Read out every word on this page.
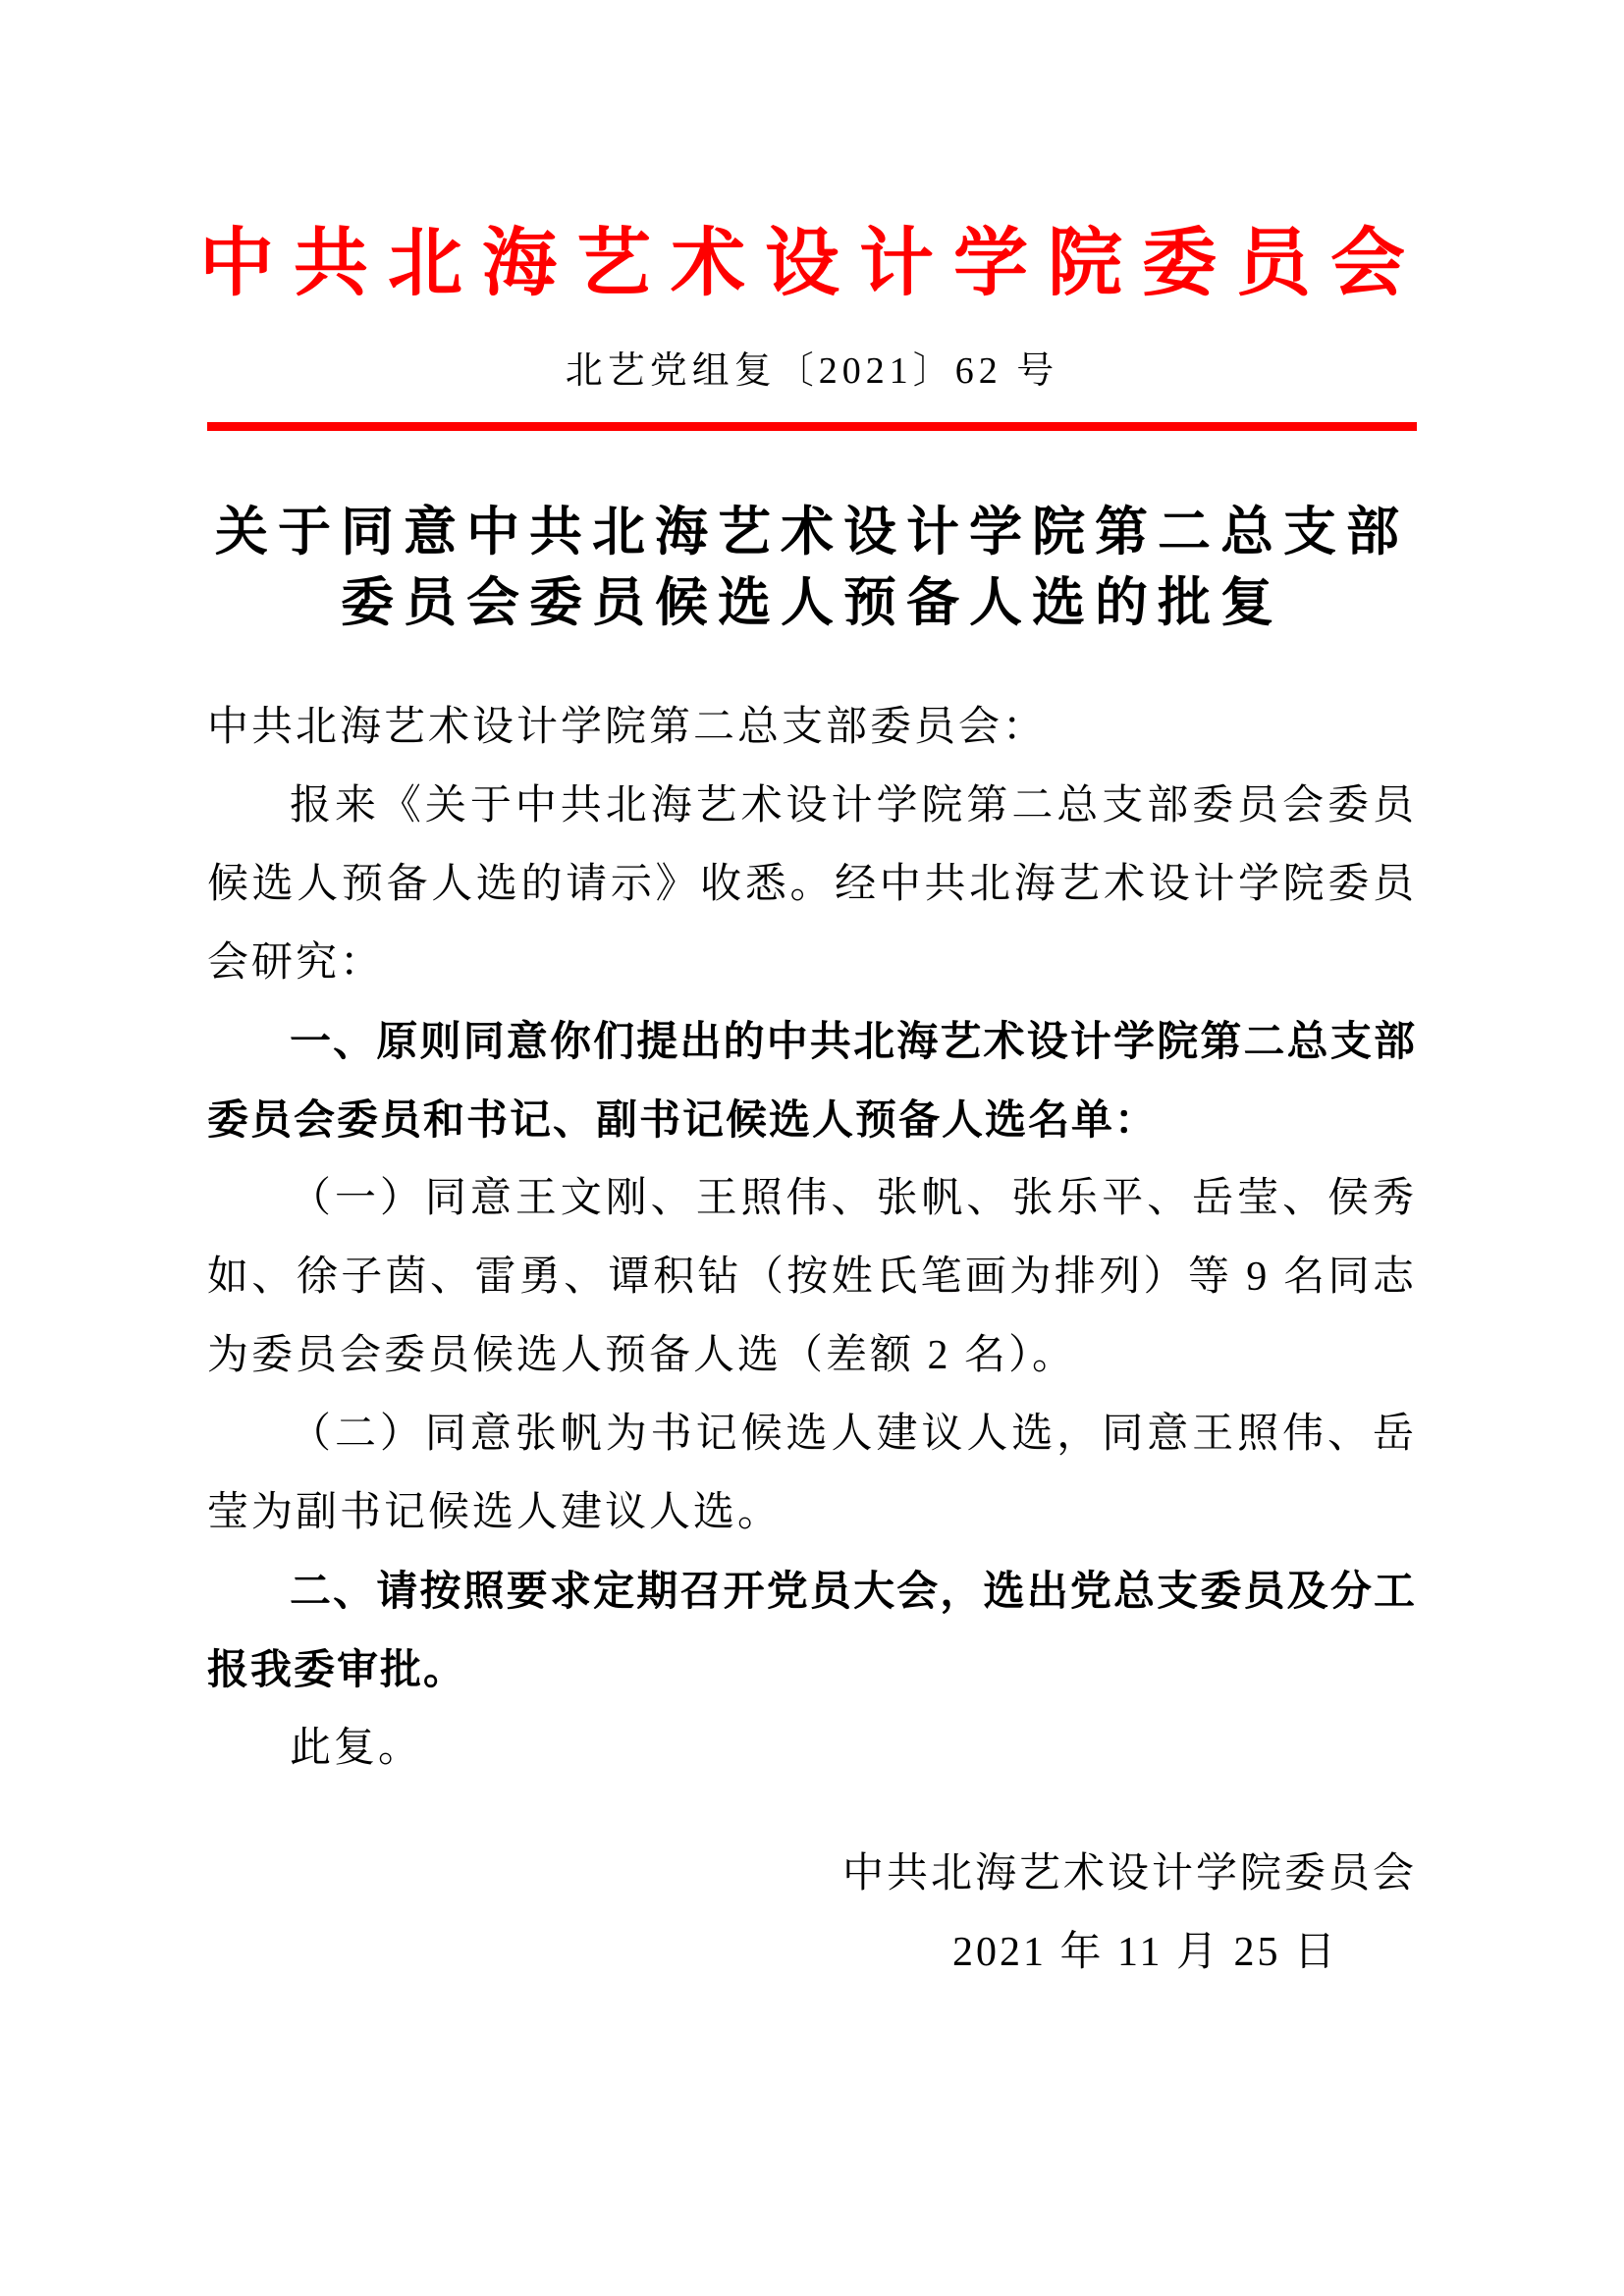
中共北海艺术设计学院委员会
北艺党组复〔2021〕62 号
关于同意中共北海艺术设计学院第二总支部
委员会委员候选人预备人选的批复

中共北海艺术设计学院第二总支部委员会：

报来《关于中共北海艺术设计学院第二总支部委员会委员候选人预备人选的请示》收悉。经中共北海艺术设计学院委员会研究：

一、原则同意你们提出的中共北海艺术设计学院第二总支部委员会委员和书记、副书记候选人预备人选名单：

（一）同意王文刚、王照伟、张帆、张乐平、岳莹、侯秀如、徐子茵、雷勇、谭积钻（按姓氏笔画为排列）等 9 名同志为委员会委员候选人预备人选（差额 2 名）。

（二）同意张帆为书记候选人建议人选，同意王照伟、岳莹为副书记候选人建议人选。

二、请按照要求定期召开党员大会，选出党总支委员及分工报我委审批。

此复。

中共北海艺术设计学院委员会
2021 年 11 月 25 日
